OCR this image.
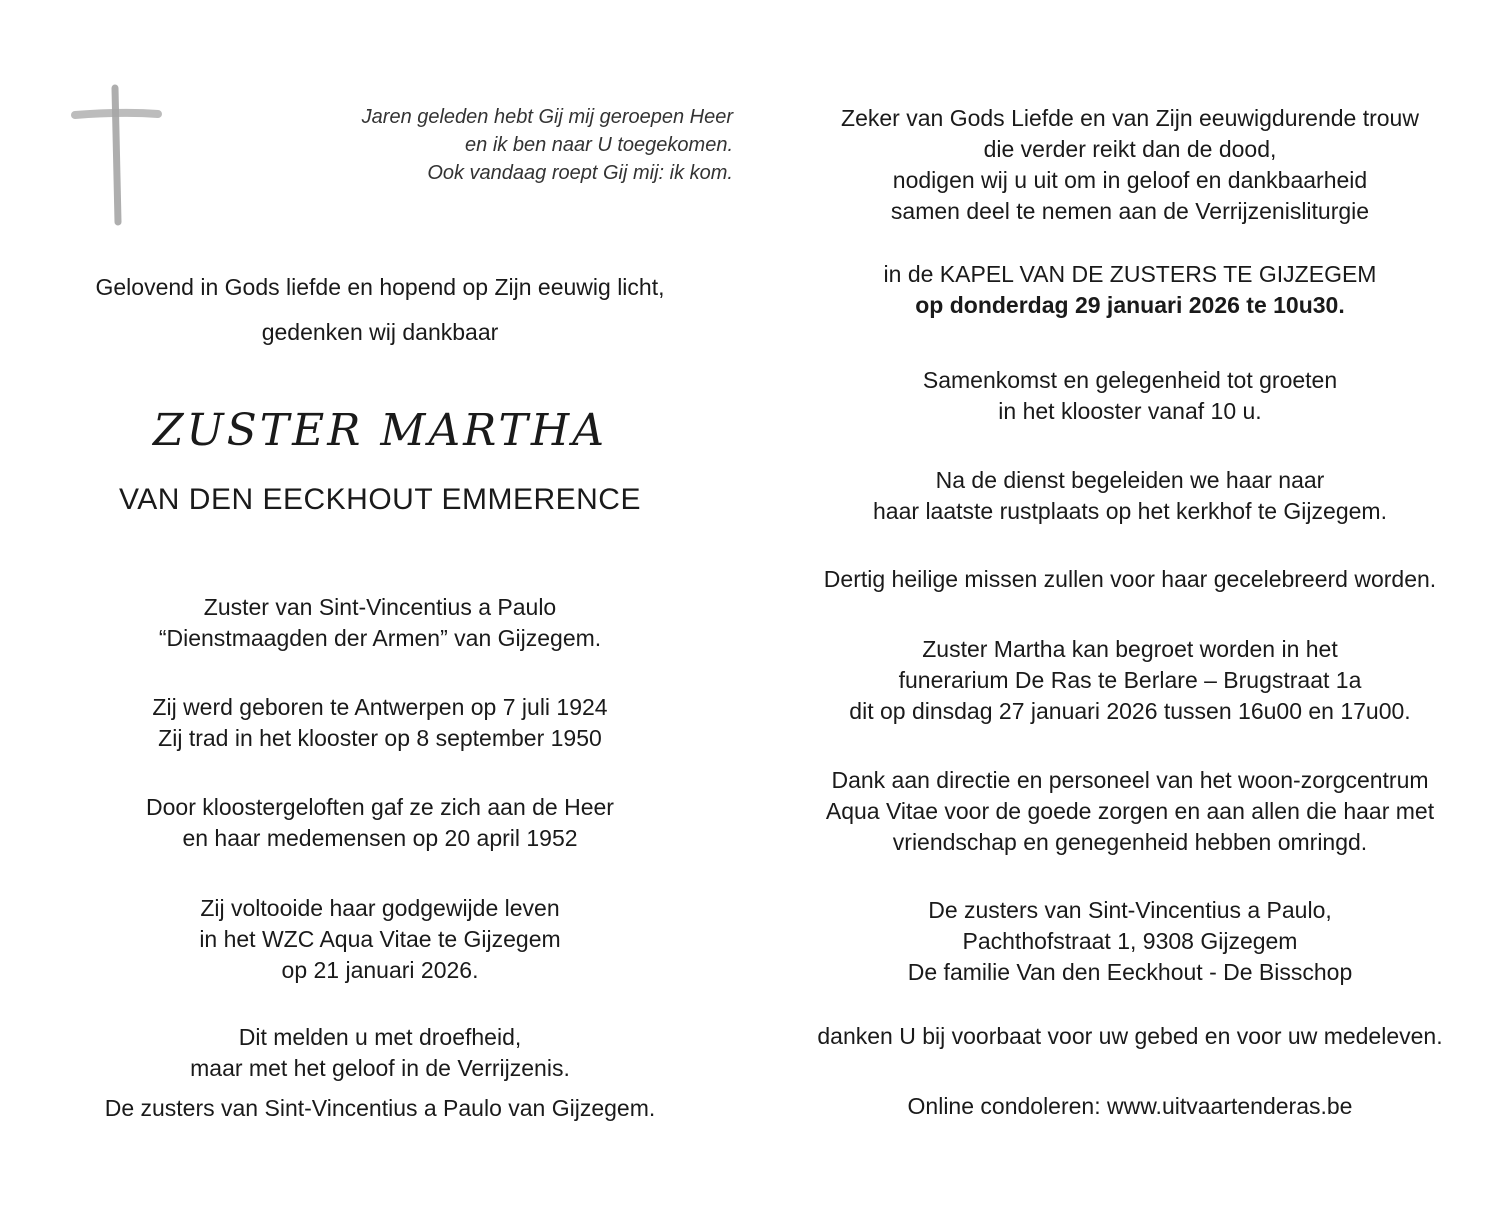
Jaren geleden hebt Gij mij geroepen Heer
en ik ben naar U toegekomen.
Ook vandaag roept Gij mij: ik kom.
Gelovend in Gods liefde en hopend op Zijn eeuwig licht,
gedenken wij dankbaar
ZUSTER MARTHA
VAN DEN EECKHOUT EMMERENCE
Zuster van Sint-Vincentius a Paulo
“Dienstmaagden der Armen” van Gijzegem.
Zij werd geboren te Antwerpen op 7 juli 1924
Zij trad in het klooster op 8 september 1950
Door kloostergeloften gaf ze zich aan de Heer
en haar medemensen op 20 april 1952
Zij voltooide haar godgewijde leven
in het WZC Aqua Vitae te Gijzegem
op 21 januari 2026.
Dit melden u met droefheid,
maar met het geloof in de Verrijzenis.
De zusters van Sint-Vincentius a Paulo van Gijzegem.
Zeker van Gods Liefde en van Zijn eeuwigdurende trouw
die verder reikt dan de dood,
nodigen wij u uit om in geloof en dankbaarheid
samen deel te nemen aan de Verrijzenisliturgie
in de KAPEL VAN DE ZUSTERS TE GIJZEGEM
op donderdag 29 januari 2026 te 10u30.
Samenkomst en gelegenheid tot groeten
in het klooster vanaf 10 u.
Na de dienst begeleiden we haar naar
haar laatste rustplaats op het kerkhof te Gijzegem.
Dertig heilige missen zullen voor haar gecelebreerd worden.
Zuster Martha kan begroet worden in het
funerarium De Ras te Berlare – Brugstraat 1a
dit op dinsdag 27 januari 2026 tussen 16u00 en 17u00.
Dank aan directie en personeel van het woon-zorgcentrum
Aqua Vitae voor de goede zorgen en aan allen die haar met
vriendschap en genegenheid hebben omringd.
De zusters van Sint-Vincentius a Paulo,
Pachthofstraat 1, 9308 Gijzegem
De familie Van den Eeckhout - De Bisschop
danken U bij voorbaat voor uw gebed en voor uw medeleven.
Online condoleren: www.uitvaartenderas.be
